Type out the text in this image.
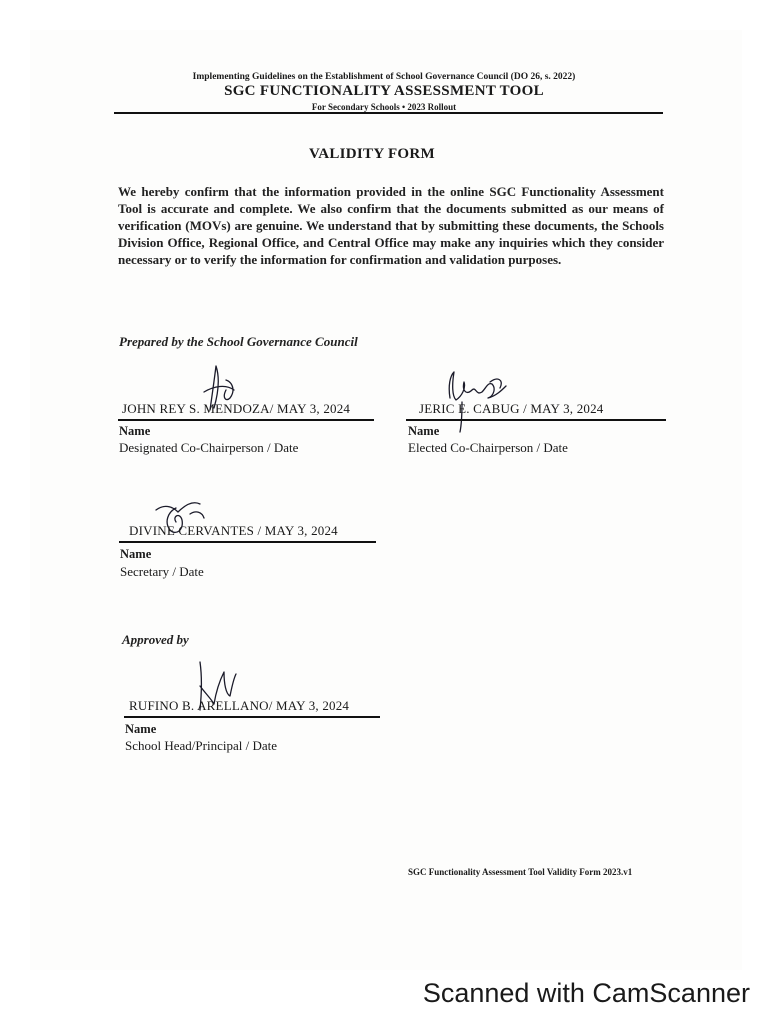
Implementing Guidelines on the Establishment of School Governance Council (DO 26, s. 2022)
SGC FUNCTIONALITY ASSESSMENT TOOL
For Secondary Schools • 2023 Rollout
VALIDITY FORM
We hereby confirm that the information provided in the online SGC Functionality Assessment Tool is accurate and complete. We also confirm that the documents submitted as our means of verification (MOVs) are genuine. We understand that by submitting these documents, the Schools Division Office, Regional Office, and Central Office may make any inquiries which they consider necessary or to verify the information for confirmation and validation purposes.
Prepared by the School Governance Council
JOHN REY S. MENDOZA/ MAY 3, 2024
Name
Designated Co-Chairperson / Date
JERIC E. CABUG / MAY 3, 2024
Name
Elected Co-Chairperson / Date
DIVINE CERVANTES / MAY 3, 2024
Name
Secretary / Date
Approved by
RUFINO B. ARELLANO/ MAY 3, 2024
Name
School Head/Principal / Date
SGC Functionality Assessment Tool Validity Form 2023.v1
Scanned with CamScanner
